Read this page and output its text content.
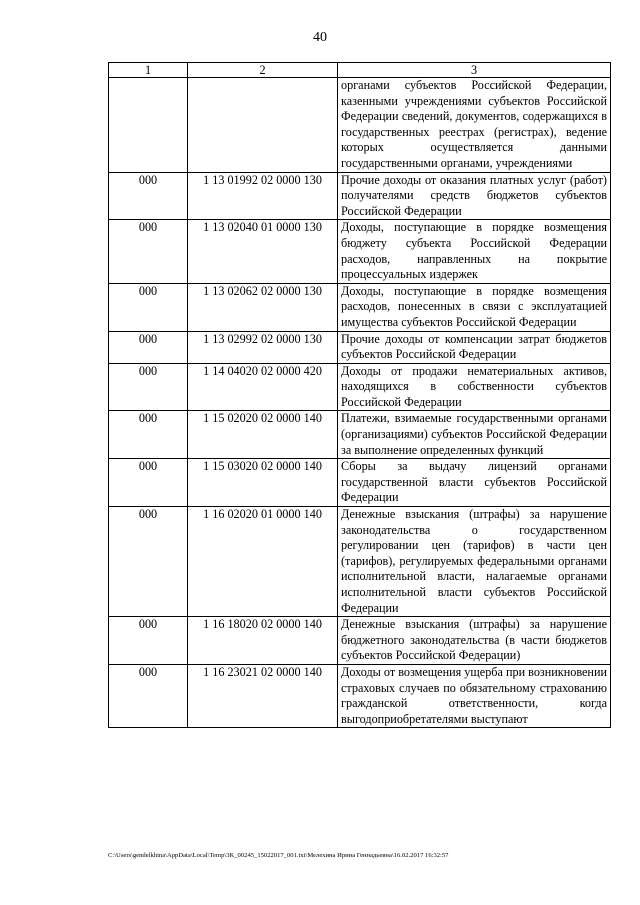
40
1	2	3
		органами субъектов Российской Федерации, казенными учреждениями субъектов Российской Федерации сведений, документов, содержащихся в государственных реестрах (регистрах), ведение которых осуществляется данными государственными органами, учреждениями
000	1 13 01992 02 0000 130	Прочие доходы от оказания платных услуг (работ) получателями средств бюджетов субъектов Российской Федерации
000	1 13 02040 01 0000 130	Доходы, поступающие в порядке возмещения бюджету субъекта Российской Федерации расходов, направленных на покрытие процессуальных издержек
000	1 13 02062 02 0000 130	Доходы, поступающие в порядке возмещения расходов, понесенных в связи с эксплуатацией имущества субъектов Российской Федерации
000	1 13 02992 02 0000 130	Прочие доходы от компенсации затрат бюджетов субъектов Российской Федерации
000	1 14 04020 02 0000 420	Доходы от продажи нематериальных активов, находящихся в собственности субъектов Российской Федерации
000	1 15 02020 02 0000 140	Платежи, взимаемые государственными органами (организациями) субъектов Российской Федерации за выполнение определенных функций
000	1 15 03020 02 0000 140	Сборы за выдачу лицензий органами государственной власти субъектов Российской Федерации
000	1 16 02020 01 0000 140	Денежные взыскания (штрафы) за нарушение законодательства о государственном регулировании цен (тарифов) в части цен (тарифов), регулируемых федеральными органами исполнительной власти, налагаемые органами исполнительной власти субъектов Российской Федерации
000	1 16 18020 02 0000 140	Денежные взыскания (штрафы) за нарушение бюджетного законодательства (в части бюджетов субъектов Российской Федерации)
000	1 16 23021 02 0000 140	Доходы от возмещения ущерба при возникновении страховых случаев по обязательному страхованию гражданской ответственности, когда выгодоприобретателями выступают
C:\Users\gendelkhina\AppData\Local\Temp\3K_00245_15022017_001.txt\Мелехина Ирина Геннадьевна\16.02.2017 16:32:57
